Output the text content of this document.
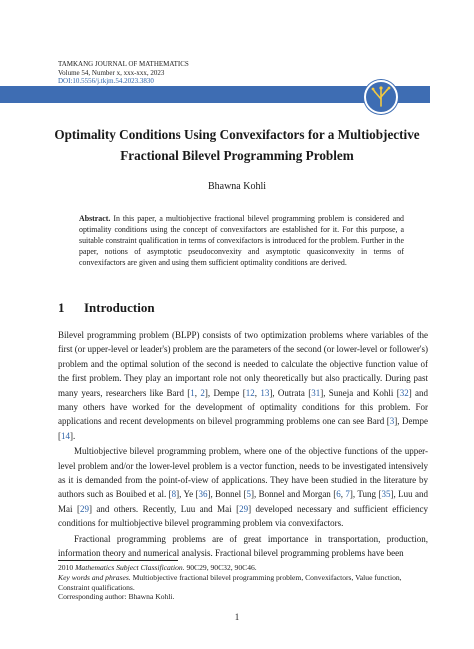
TAMKANG JOURNAL OF MATHEMATICS
Volume 54, Number x, xxx-xxx, 2023
DOI:10.5556/j.tkjm.54.2023.3830
Optimality Conditions Using Convexifactors for a Multiobjective
Fractional Bilevel Programming Problem
Bhawna Kohli
Abstract. In this paper, a multiobjective fractional bilevel programming problem is considered and optimality conditions using the concept of convexifactors are established for it. For this purpose, a suitable constraint qualification in terms of convexifactors is introduced for the problem. Further in the paper, notions of asymptotic pseudoconvexity and asymptotic quasiconvexity in terms of convexifactors are given and using them sufficient optimality conditions are derived.
1 Introduction

Bilevel programming problem (BLPP) consists of two optimization problems where variables of the first (or upper-level or leader's) problem are the parameters of the second (or lower-level or follower's) problem and the optimal solution of the second is needed to calculate the objective function value of the first problem. They play an important role not only theoretically but also practically. During past many years, researchers like Bard [1, 2], Dempe [12, 13], Outrata [31], Suneja and Kohli [32] and many others have worked for the development of optimality conditions for this problem. For applications and recent developments on bilevel programming problems one can see Bard [3], Dempe [14].

Multiobjective bilevel programming problem, where one of the objective functions of the upper-level problem and/or the lower-level problem is a vector function, needs to be investigated intensively as it is demanded from the point-of-view of applications. They have been studied in the literature by authors such as Bouibed et al. [8], Ye [36], Bonnel [5], Bonnel and Morgan [6, 7], Tung [35], Luu and Mai [29] and others. Recently, Luu and Mai [29] developed necessary and sufficient efficiency conditions for multiobjective bilevel programming problem via convexifactors.

Fractional programming problems are of great importance in transportation, production, information theory and numerical analysis. Fractional bilevel programming problems have been

2010 Mathematics Subject Classification. 90C29, 90C32, 90C46.

Key words and phrases. Multiobjective fractional bilevel programming problem, Convexifactors, Value function, Constraint qualifications.

Corresponding author: Bhawna Kohli.

1
